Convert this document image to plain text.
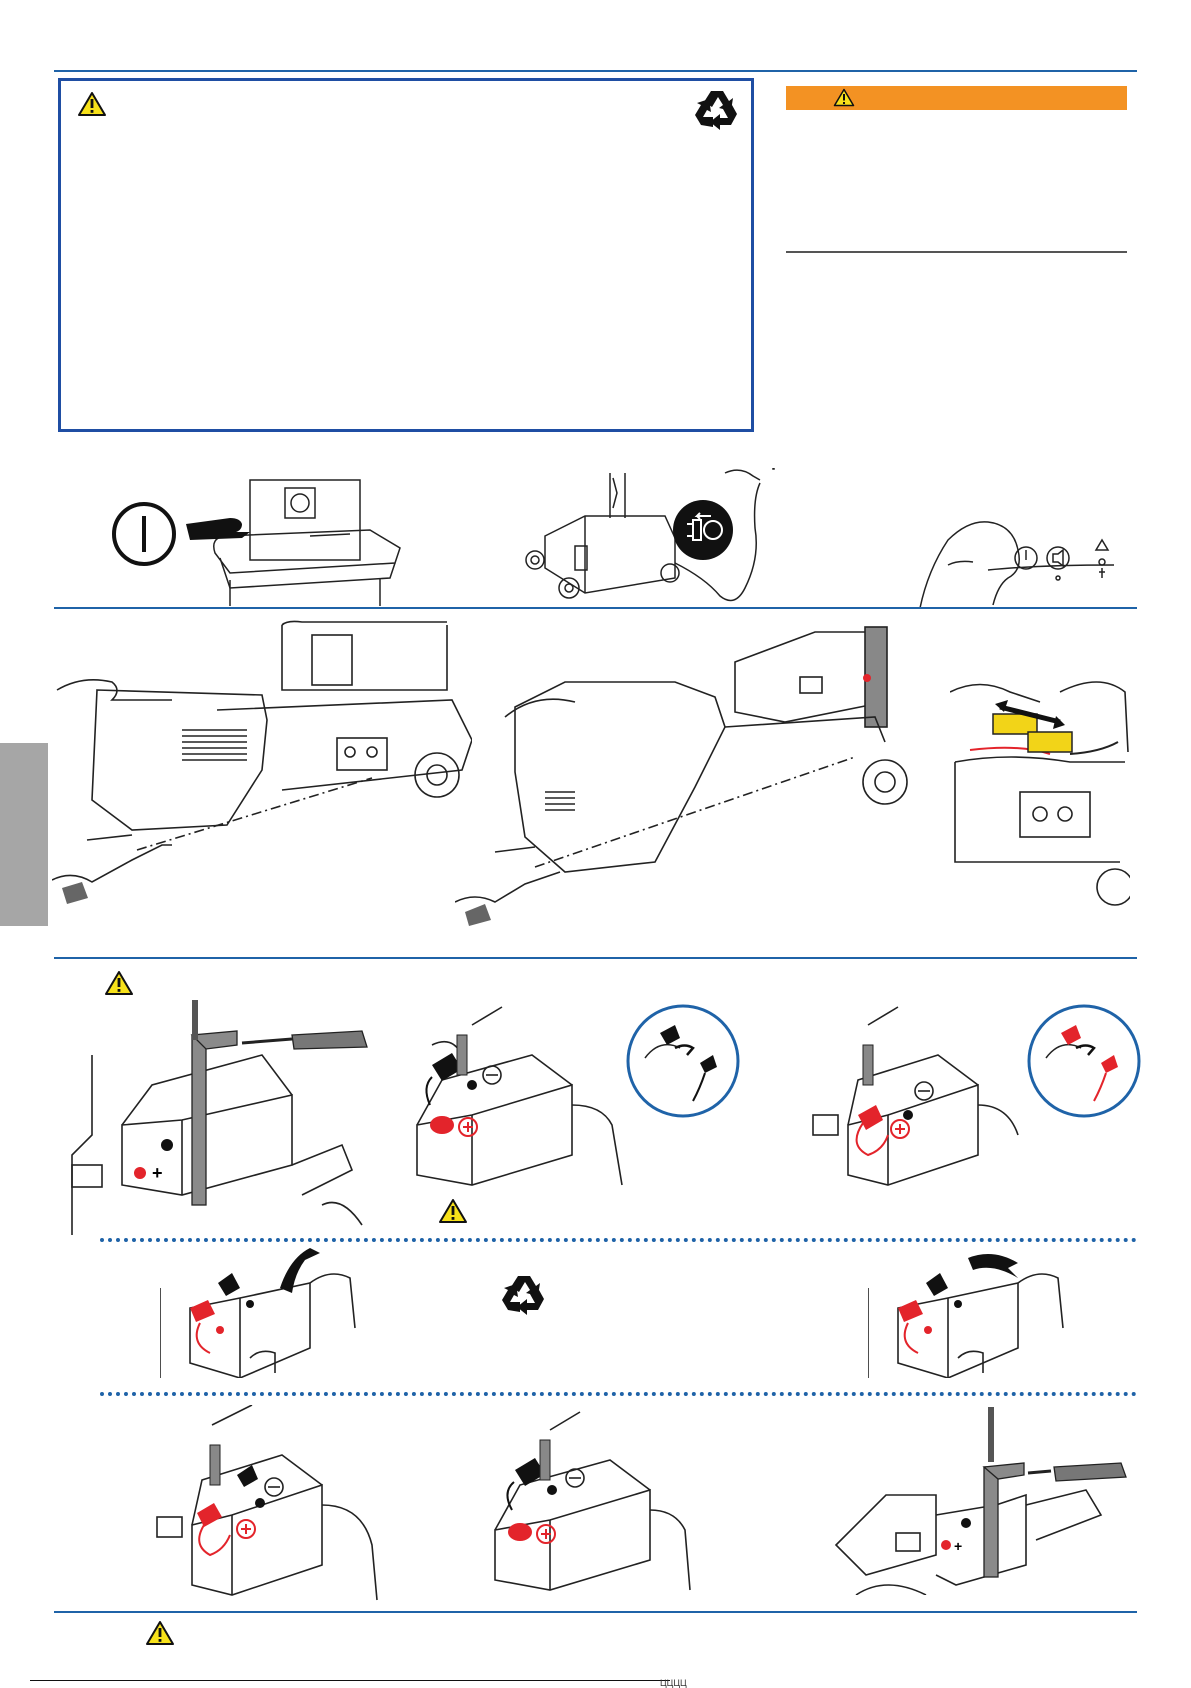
+
+
ЦЦЦЦ
